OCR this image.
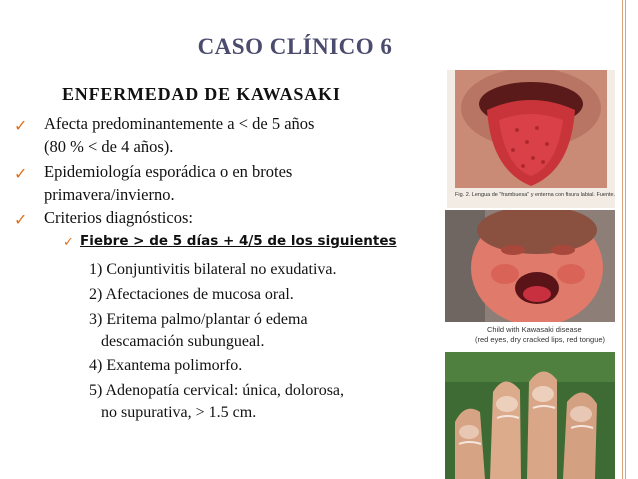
CASO CLÍNICO 6
ENFERMEDAD DE KAWASAKI
✓ Afecta predominantemente a < de 5 años
(80 % < de 4 años).
✓ Epidemiología esporádica o en brotes
primavera/invierno.
✓ Criterios diagnósticos:
✓ Fiebre > de 5 días + 4/5 de los siguientes
1) Conjuntivitis bilateral no exudativa.
2) Afectaciones de mucosa oral.
3) Eritema palmo/plantar ó edema
descamación subungueal.
4) Exantema polimorfo.
5) Adenopatía cervical: única, dolorosa,
no supurativa, > 1.5 cm.
Fig. 2. Lengua de "frambuesa" y enterna con fisura labial. Fuente.
Child with Kawasaki disease
(red eyes, dry cracked lips, red tongue)
